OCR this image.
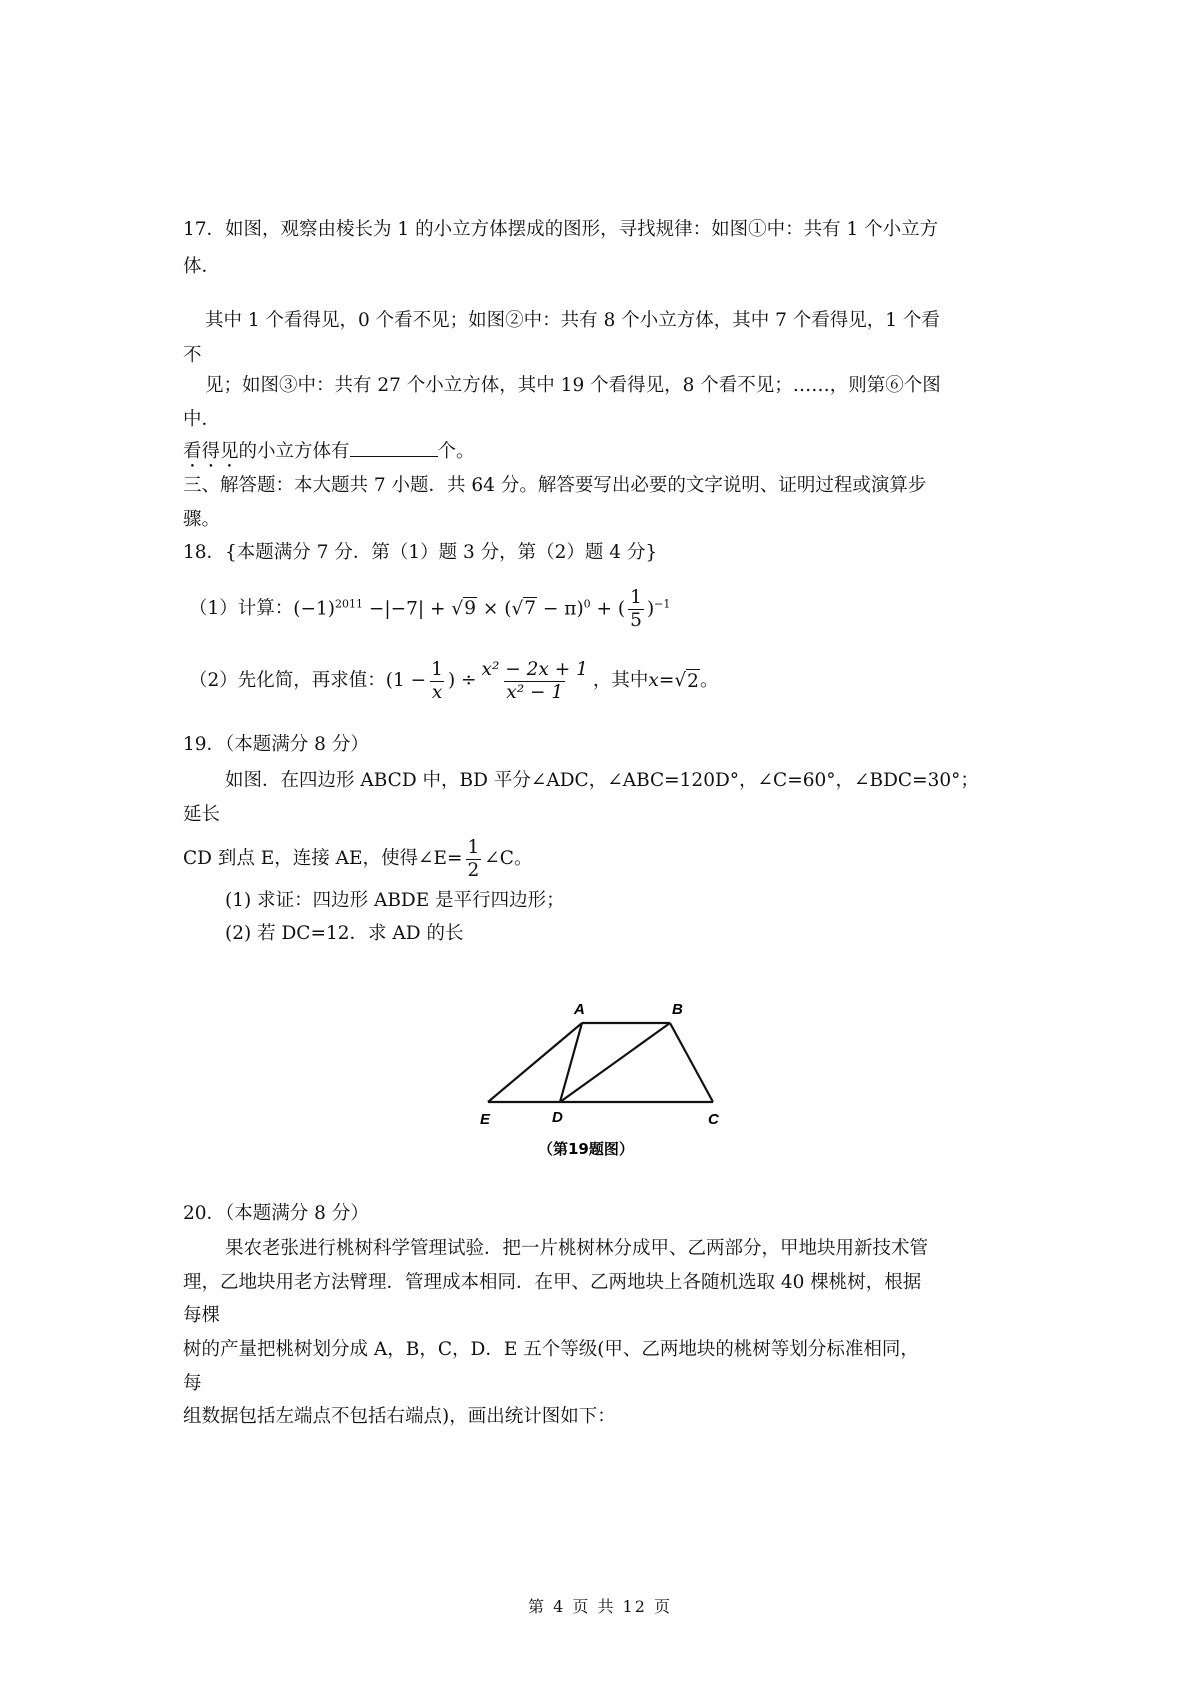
17．如图，观察由棱长为 1 的小立方体摆成的图形，寻找规律：如图①中：共有 1 个小立方
体．
其中 1 个看得见，0 个看不见；如图②中：共有 8 个小立方体，其中 7 个看得见，1 个看
不
见；如图③中：共有 27 个小立方体，其中 19 个看得见，8 个看不见；……，则第⑥个图
中．
看得见的小立方体有	个。
三、解答题：本大题共 7 小题．共 64 分。解答要写出必要的文字说明、证明过程或演算步
骤。
18．{本题满分 7 分．第（1）题 3 分，第（2）题 4 分}
（1）计算： $(-1)^{2011} -|-7| + √9 \times (√7 - \pi)^0$ + ( $\frac{1}{5} )^{-1}$
（2）先化简，再求值： ($1 - \frac{1}{x}$ ) ÷ $\frac{\text{x² − 2x + 1}}{\text{x² − 1}}$ ，其中 x = √ 2 。
19．（本题满分 8 分）
如图．在四边形 ABCD 中，BD 平分∠ADC，∠ABC=120D°，∠C=60°，∠BDC=30°；
延长
CD 到点 E，连接 AE，使得∠E= $\frac{1}{2}$ ∠C。
(1) 求证：四边形 ABDE 是平行四边形；
(2) 若 DC=12．求 AD 的长
A	B
C
D
E
（第19题图）
20．（本题满分 8 分）
果农老张进行桃树科学管理试验．把一片桃树林分成甲、乙两部分，甲地块用新技术管
理，乙地块用老方法臂理．管理成本相同．在甲、乙两地块上各随机选取 40 棵桃树，根据
每棵
树的产量把桃树划分成 A，B，C，D．E 五个等级(甲、乙两地块的桃树等划分标准相同，
每
组数据包括左端点不包括右端点)，画出统计图如下：
第 4 页 共 12 页
